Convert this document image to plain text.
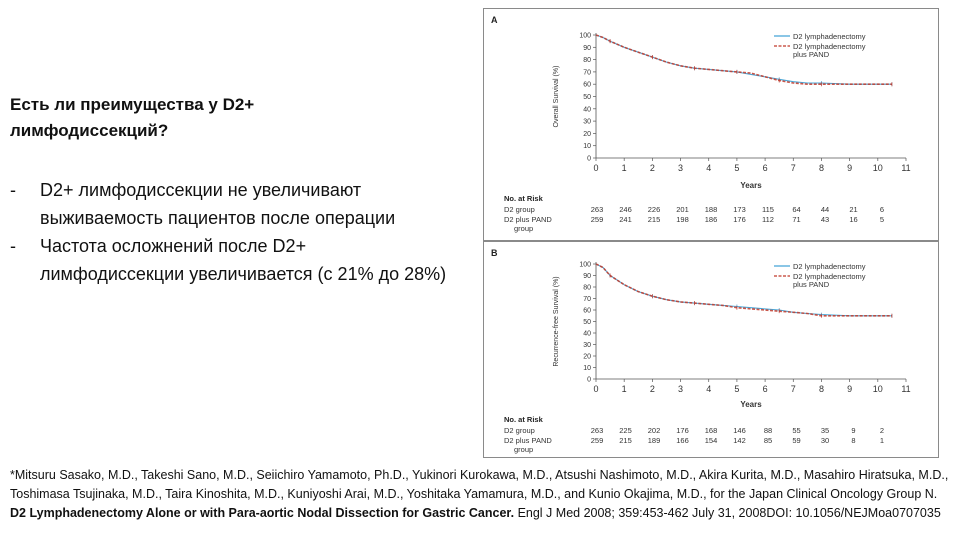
Есть ли преимущества у D2+ лимфодиссекций?
- D2+ лимфодиссекции не увеличивают выживаемость пациентов после операции
- Частота осложнений после D2+ лимфодиссекции увеличивается (с 21% до 28%)
A
Overall Survival (%)
0
10
20
30
40
50
60
70
80
90
100
0	1	2	3	4	5	6	7	8	9 10 11
Years
D2 lymphadenectomy
D2 lymphadenectomy
plus PAND
No. at Risk
D2 group	263 246 226 201 188 173 115 64	44	21	6
D2 plus PAND
group
259 241 215 198 186 176 112 71	43	16	5
B
Recurrence-free Survival (%)
0
10
20
30
40
50
60
70
80
90
100
0	1	2	3	4	5	6	7	8	9 10 11
Years
D2 lymphadenectomy
D2 lymphadenectomy
plus PAND
No. at Risk
D2 group	263 225 202 176 168 146 88	55	35	9	2
D2 plus PAND
group
259 215 189 166 154 142 85	59	30	8	1
*Mitsuru Sasako, M.D., Takeshi Sano, M.D., Seiichiro Yamamoto, Ph.D., Yukinori Kurokawa, M.D., Atsushi Nashimoto, M.D., Akira Kurita, M.D., Masahiro Hiratsuka, M.D., Toshimasa Tsujinaka, M.D., Taira Kinoshita, M.D., Kuniyoshi Arai, M.D., Yoshitaka Yamamura, M.D., and Kunio Okajima, M.D., for the Japan Clinical Oncology Group N. D2 Lymphadenectomy Alone or with Para-aortic Nodal Dissection for Gastric Cancer. Engl J Med 2008; 359:453-462 July 31, 2008DOI: 10.1056/NEJMoa0707035
